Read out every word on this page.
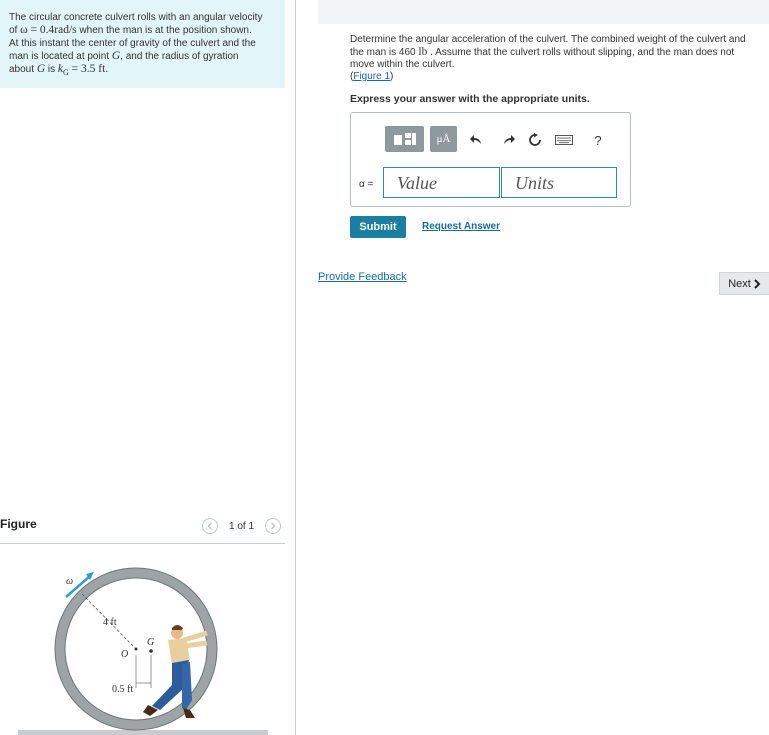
The circular concrete culvert rolls with an angular velocity
of ω = 0.4rad/s when the man is at the position shown.
At this instant the center of gravity of the culvert and the
man is located at point G, and the radius of gyration
about G is $k_G = 3.5$ ft.
Determine the angular acceleration of the culvert. The combined weight of the culvert and
the man is 460 lb . Assume that the culvert rolls without slipping, and the man does not
move within the culvert.
(Figure 1)
Express your answer with the appropriate units.
μÅ	?
α =	Value	Units
Submit	Request Answer
Provide Feedback
Next
Figure	1 of 1
ω
4 ft
O
G
0.5 ft
